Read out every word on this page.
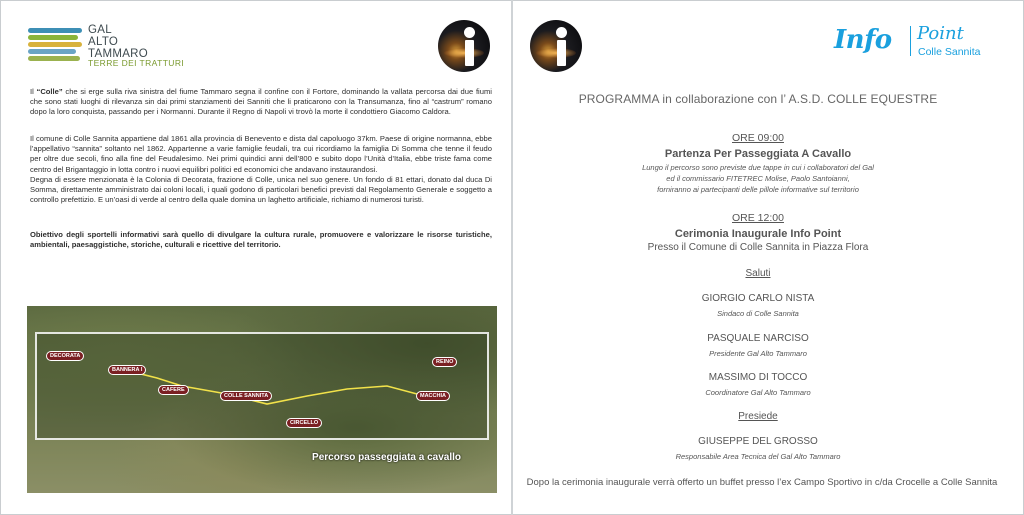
GAL
ALTO
TAMMARO
TERRE DEI TRATTURI

Il “Colle” che si erge sulla riva sinistra del fiume Tammaro segna il confine con il Fortore, dominando la vallata percorsa dai due fiumi che sono stati luoghi di rilevanza sin dai primi stanziamenti dei Sanniti che li praticarono con la Transumanza, fino al “castrum” romano dopo la loro conquista, passando per i Normanni. Durante il Regno di Napoli vi trovò la morte il condottiero Giacomo Caldora.

Il comune di Colle Sannita appartiene dal 1861 alla provincia di Benevento e dista dal capoluogo 37km. Paese di origine normanna, ebbe l’appellativo “sannita” soltanto nel 1862. Appartenne a varie famiglie feudali, tra cui ricordiamo la famiglia Di Somma che tenne il feudo per oltre due secoli, fino alla fine del Feudalesimo. Nei primi quindici anni dell’800 e subito dopo l’Unità d’Italia, ebbe triste fama come centro del Brigantaggio in lotta contro i nuovi equilibri politici ed economici che andavano instaurandosi.

Degna di essere menzionata è la Colonia di Decorata, frazione di Colle, unica nel suo genere. Un fondo di 81 ettari, donato dal duca Di Somma, direttamente amministrato dai coloni locali, i quali godono di particolari benefici previsti dal Regolamento Generale e soggetto a controllo prefettizio. E un’oasi di verde al centro della quale domina un laghetto artificiale, richiamo di numerosi turisti.

Obiettivo degli sportelli informativi sarà quello di divulgare la cultura rurale, promuovere e valorizzare le risorse turistiche, ambientali, paesaggistiche, storiche, culturali e ricettive del territorio.

DECORATA
BANNERA I
CAFERE
COLLE SANNITA
CIRCELLO
REINO
MACCHIA
Percorso passeggiata a cavallo
Info Point
Colle Sannita
PROGRAMMA in collaborazione con l’ A.S.D. COLLE EQUESTRE
ORE 09:00
Partenza Per Passeggiata A Cavallo
Lungo il percorso sono previste due tappe in cui i collaboratori del Gal
ed il commissario FITETREC Molise, Paolo Santoianni,
forniranno ai partecipanti delle pillole informative sul territorio
ORE 12:00
Cerimonia Inaugurale Info Point
Presso il Comune di Colle Sannita in Piazza Flora
Saluti
GIORGIO CARLO NISTA
Sindaco di Colle Sannita
PASQUALE NARCISO
Presidente Gal Alto Tammaro
MASSIMO DI TOCCO
Coordinatore Gal Alto Tammaro
Presiede
GIUSEPPE DEL GROSSO
Responsabile Area Tecnica del Gal Alto Tammaro
Dopo la cerimonia inaugurale verrà offerto un buffet presso l’ex Campo Sportivo in c/da Crocelle a Colle Sannita
